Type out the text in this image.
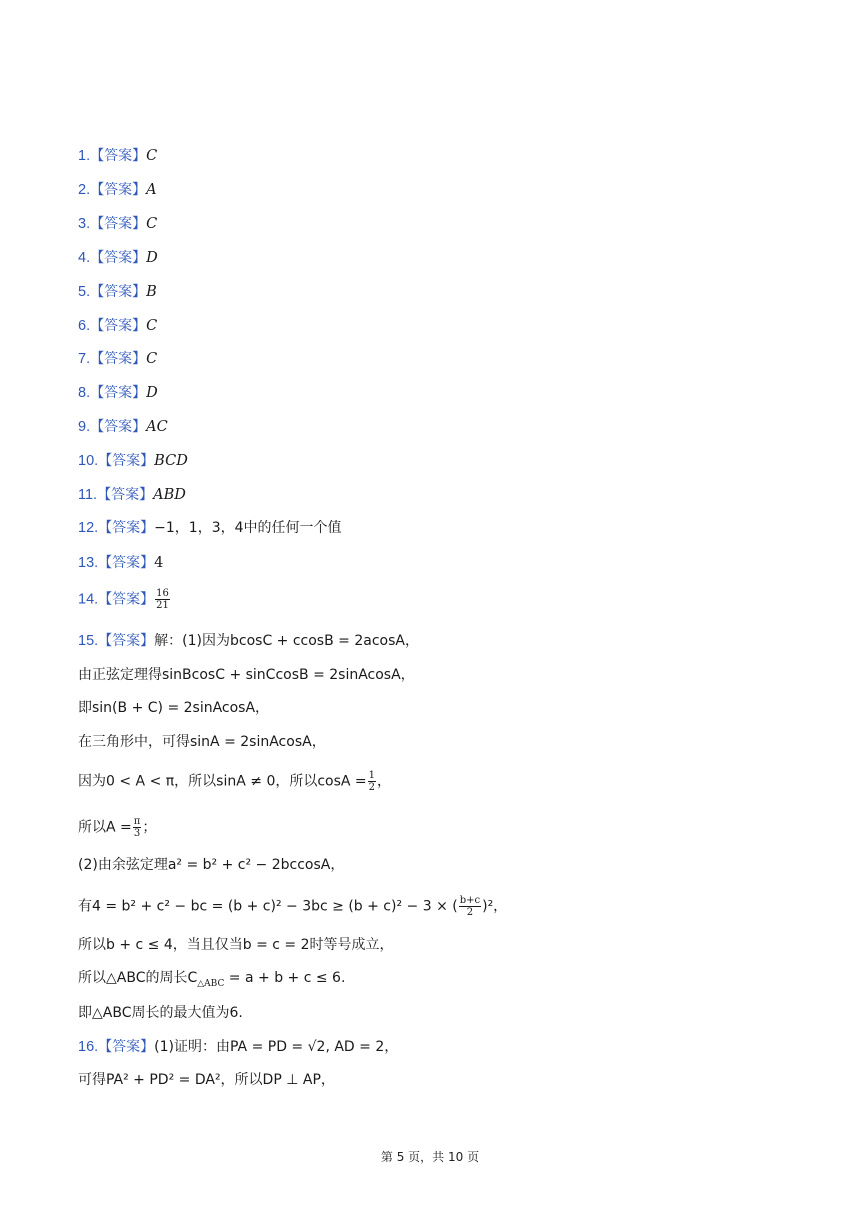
1.【答案】C
2.【答案】A
3.【答案】C
4.【答案】D
5.【答案】B
6.【答案】C
7.【答案】C
8.【答案】D
9.【答案】AC
10.【答案】BCD
11.【答案】ABD
12.【答案】−1，1，3，4中的任何一个值
13.【答案】4
14.【答案】 $\frac{16}{21}$
15.【答案】解：(1)因为bcosC + ccosB = 2acosA，
由正弦定理得sinBcosC + sinCcosB = 2sinAcosA，
即sin(B + C) = 2sinAcosA，
在三角形中，可得sinA = 2sinAcosA，
因为0 < A < π，所以sinA ≠ 0，所以$\cos A = \frac{1}{2}$ ，
所以$A = \frac{\pi}{3}$ ；
(2)由余弦定理a² = b² + c² − 2bccosA，
有4 = b² + c² − bc = (b + c)² − 3bc ≥ (b + c)² − 3 × ( $\frac{b+c}{2} )^2$，
所以b + c ≤ 4，当且仅当b = c = 2时等号成立，
所以△ABC的周长$C_{\triangle ABC} = a + b + c \le 6$.
即△ABC周长的最大值为6.
16.【答案】(1)证明：由PA = PD = √2, AD = 2，
可得PA² + PD² = DA²，所以DP ⊥ AP，
第 5 页，共 10 页
